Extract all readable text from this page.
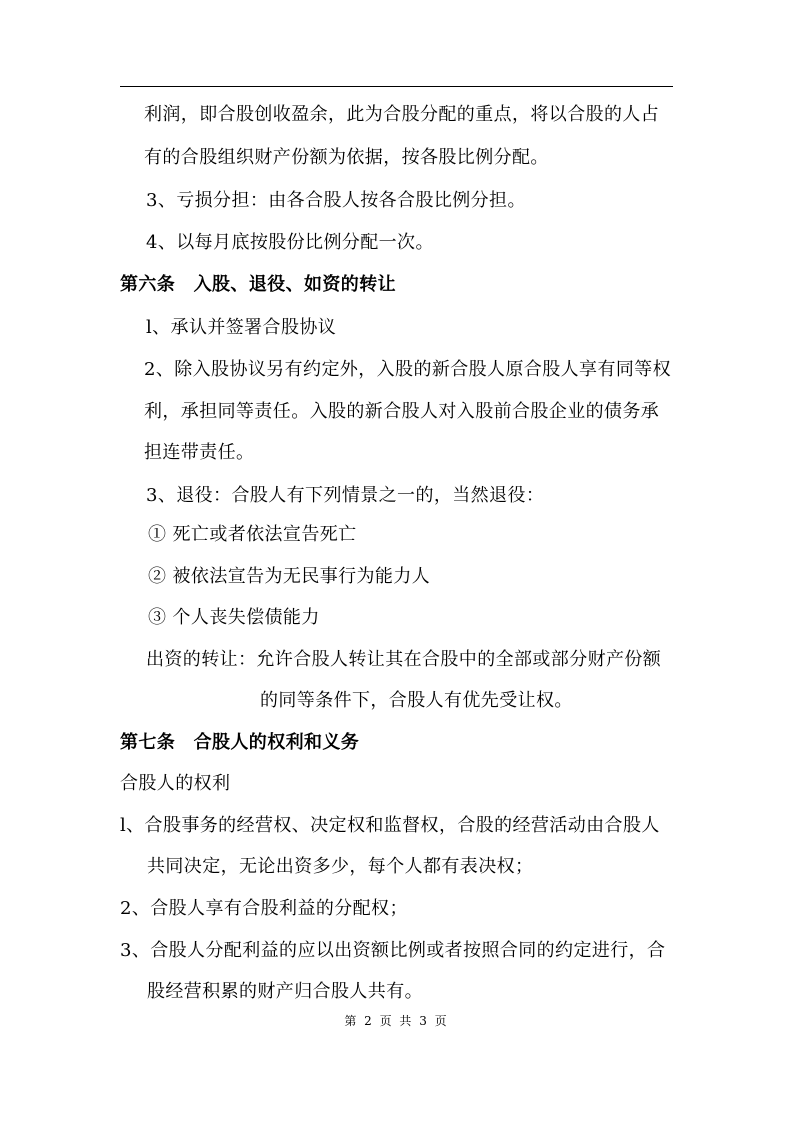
利润，即合股创收盈余，此为合股分配的重点，将以合股的人占
有的合股组织财产份额为依据，按各股比例分配。
3、亏损分担：由各合股人按各合股比例分担。
4、以每月底按股份比例分配一次。
第六条　入股、退役、如资的转让
l、承认并签署合股协议
2、除入股协议另有约定外，入股的新合股人原合股人享有同等权
利，承担同等责任。入股的新合股人对入股前合股企业的债务承
担连带责任。
3、退役：合股人有下列情景之一的，当然退役：
① 死亡或者依法宣告死亡
② 被依法宣告为无民事行为能力人
③ 个人丧失偿债能力
出资的转让：允许合股人转让其在合股中的全部或部分财产份额
的同等条件下，合股人有优先受让权。
第七条　合股人的权利和义务
合股人的权利
l、合股事务的经营权、决定权和监督权，合股的经营活动由合股人
共同决定，无论出资多少，每个人都有表决权；
2、合股人享有合股利益的分配权；
3、合股人分配利益的应以出资额比例或者按照合同的约定进行，合
股经营积累的财产归合股人共有。
第 2 页 共 3 页
